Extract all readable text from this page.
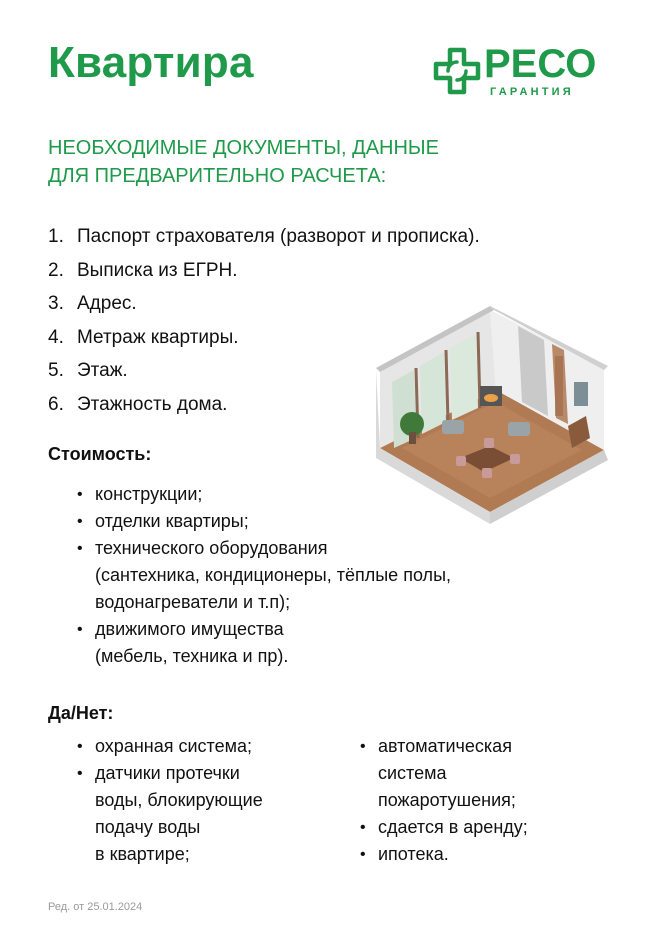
Квартира	РЕСО
ГАРАНТИЯ
НЕОБХОДИМЫЕ ДОКУМЕНТЫ, ДАННЫЕ
ДЛЯ ПРЕДВАРИТЕЛЬНО РАСЧЕТА:
1. Паспорт страхователя (разворот и прописка).
2. Выписка из ЕГРН.
3. Адрес.
4. Метраж квартиры.
5. Этаж.
6. Этажность дома.
Стоимость:
• конструкции;
• отделки квартиры;
• технического оборудования
(сантехника, кондиционеры, тёплые полы,
водонагреватели и т.п);
• движимого имущества
(мебель, техника и пр).
Да/Нет:
• охранная система;
• датчики протечки
воды, блокирующие
подачу воды
в квартире;
• автоматическая
система
пожаротушения;
• сдается в аренду;
• ипотека.
Ред. от 25.01.2024
